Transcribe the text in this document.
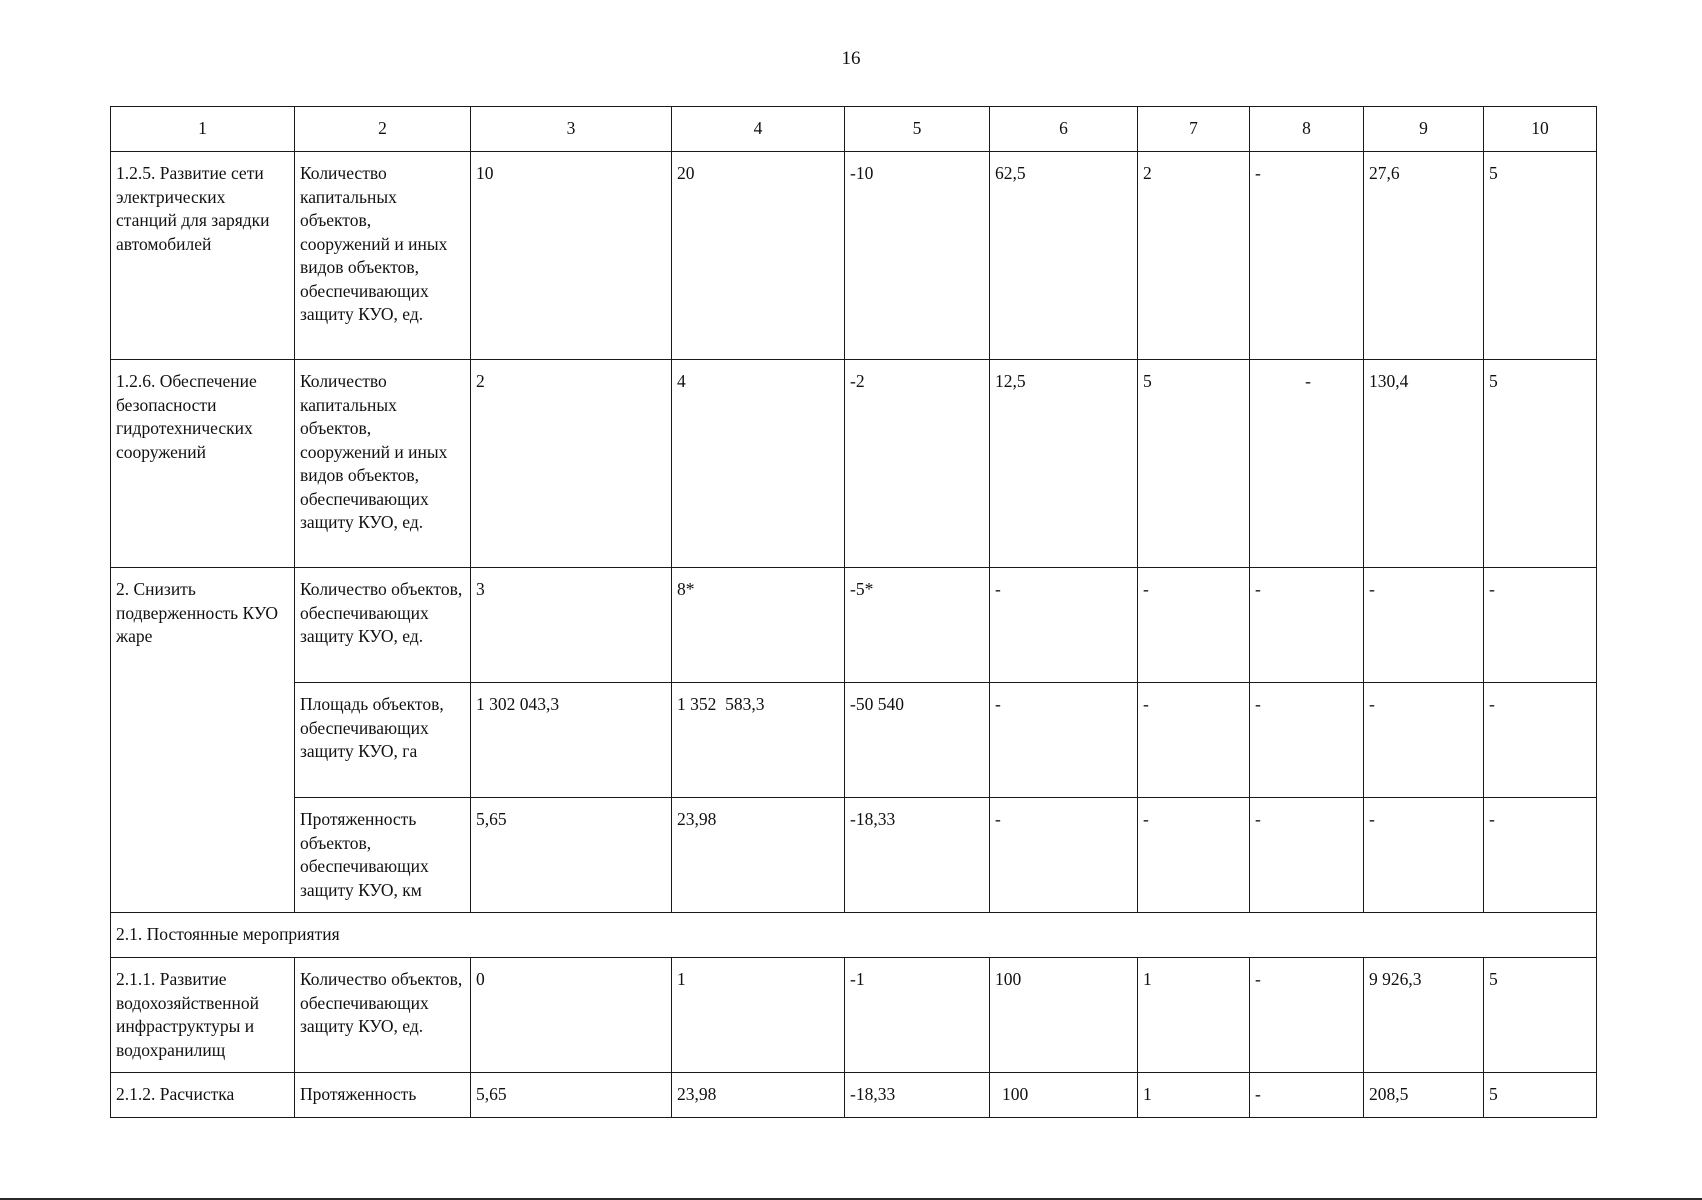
16
1	2	3	4	5	6	7	8	9	10

1.2.5. Развитие сети электрических станций для зарядки автомобилей	Количество капитальных объектов, сооружений и иных видов объектов, обеспечивающих защиту КУО, ед.	10	20	-10	62,5	2	-	27,6	5

1.2.6. Обеспечение безопасности гидротехнических сооружений	Количество капитальных объектов, сооружений и иных видов объектов, обеспечивающих защиту КУО, ед.	2	4	-2	12,5	5	-	130,4	5

2. Снизить подверженность КУО жаре	Количество объектов, обеспечивающих защиту КУО, ед.	3	8*	-5*	-	-	-	-	-

	Площадь объектов, обеспечивающих защиту КУО, га	1 302 043,3	1 352  583,3	-50 540	-	-	-	-	-

	Протяженность объектов, обеспечивающих защиту КУО, км	5,65	23,98	-18,33	-	-	-	-	-
2.1. Постоянные мероприятия									

2.1.1. Развитие водохозяйственной инфраструктуры и водохранилищ	Количество объектов, обеспечивающих защиту КУО, ед.	0	1	-1	100	1	-	9 926,3	5

2.1.2. Расчистка	Протяженность	5,65	23,98	-18,33	100	1	-	208,5	5
